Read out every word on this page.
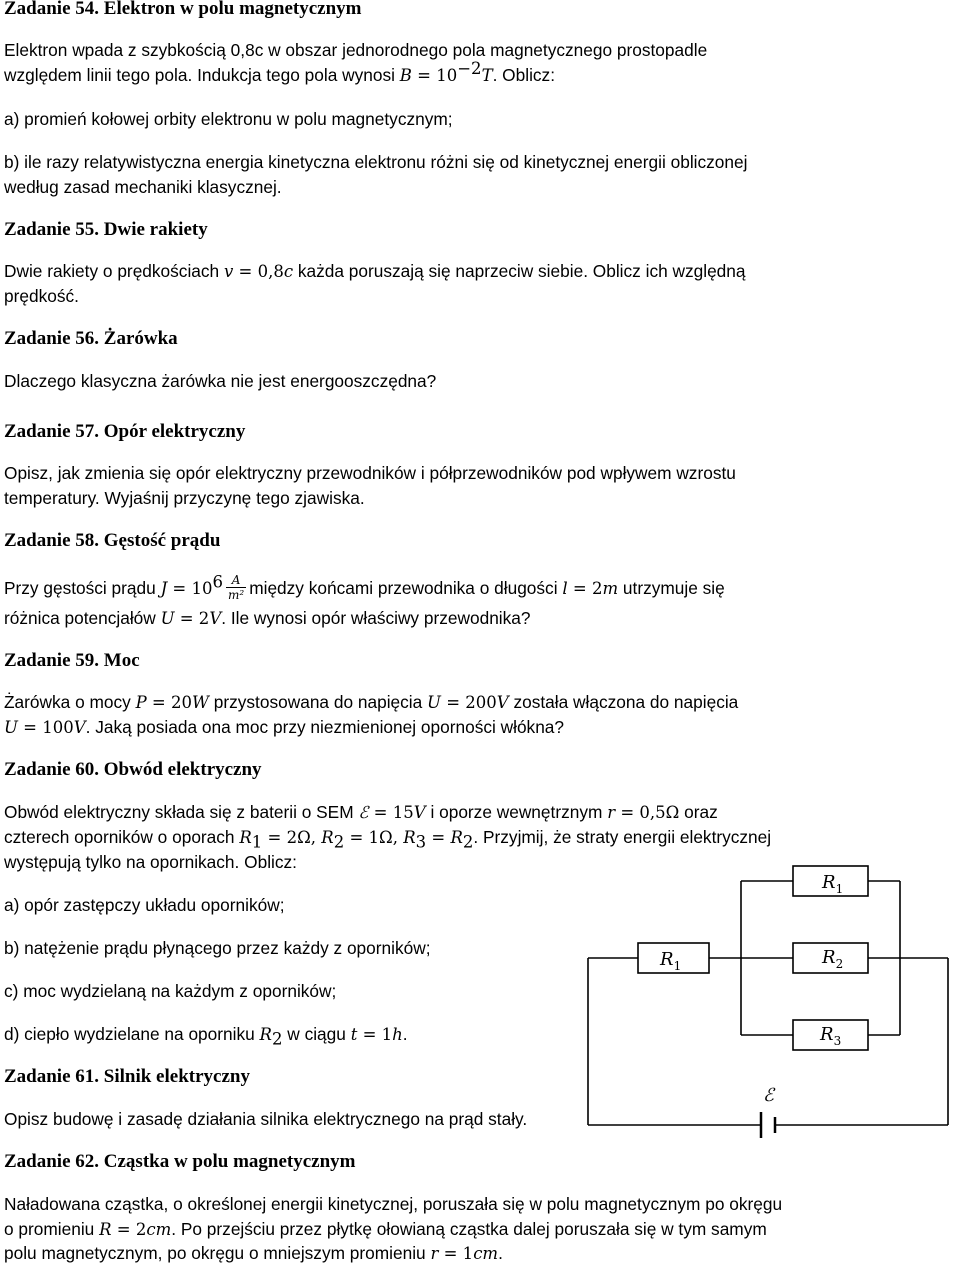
Zadanie 54. Elektron w polu magnetycznym
Elektron wpada z szybkością 0,8c w obszar jednorodnego pola magnetycznego prostopadle
względem linii tego pola. Indukcja tego pola wynosi $B = 10^{-2}T$. Oblicz:
a) promień kołowej orbity elektronu w polu magnetycznym;
b) ile razy relatywistyczna energia kinetyczna elektronu różni się od kinetycznej energii obliczonej
według zasad mechaniki klasycznej.
Zadanie 55. Dwie rakiety
Dwie rakiety o prędkościach v = 0,8c każda poruszają się naprzeciw siebie. Oblicz ich względną
prędkość.
Zadanie 56. Żarówka
Dlaczego klasyczna żarówka nie jest energooszczędna?
Zadanie 57. Opór elektryczny
Opisz, jak zmienia się opór elektryczny przewodników i półprzewodników pod wpływem wzrostu
temperatury. Wyjaśnij przyczynę tego zjawiska.
Zadanie 58. Gęstość prądu
Przy gęstości prądu $J = 10^6 \frac{A}{\text{m²}}$ między końcami przewodnika o długości l = 2m utrzymuje się
różnica potencjałów U = 2V. Ile wynosi opór właściwy przewodnika?
Zadanie 59. Moc
Żarówka o mocy P = 20W przystosowana do napięcia U = 200V została włączona do napięcia
U = 100V. Jaką posiada ona moc przy niezmienionej oporności włókna?
Zadanie 60. Obwód elektryczny
Obwód elektryczny składa się z baterii o SEM ℰ = 15V i oporze wewnętrznym r = 0,5Ω oraz
czterech oporników o oporach $R_1 = 2\Omega$, $R_2 = 1\Omega$, $R_3 = R_2$. Przyjmij, że straty energii elektrycznej
występują tylko na opornikach. Oblicz:
a) opór zastępczy układu oporników;
b) natężenie prądu płynącego przez każdy z oporników;
c) moc wydzielaną na każdym z oporników;
d) ciepło wydzielane na oporniku $R_2$ w ciągu t = 1h.
Zadanie 61. Silnik elektryczny
Opisz budowę i zasadę działania silnika elektrycznego na prąd stały.
Zadanie 62. Cząstka w polu magnetycznym
Naładowana cząstka, o określonej energii kinetycznej, poruszała się w polu magnetycznym po okręgu
o promieniu R = 2cm. Po przejściu przez płytkę ołowianą cząstka dalej poruszała się w tym samym
polu magnetycznym, po okręgu o mniejszym promieniu r = 1cm.
$R_1$
$R_1$	$R_2$
$R_3$
ℰ
